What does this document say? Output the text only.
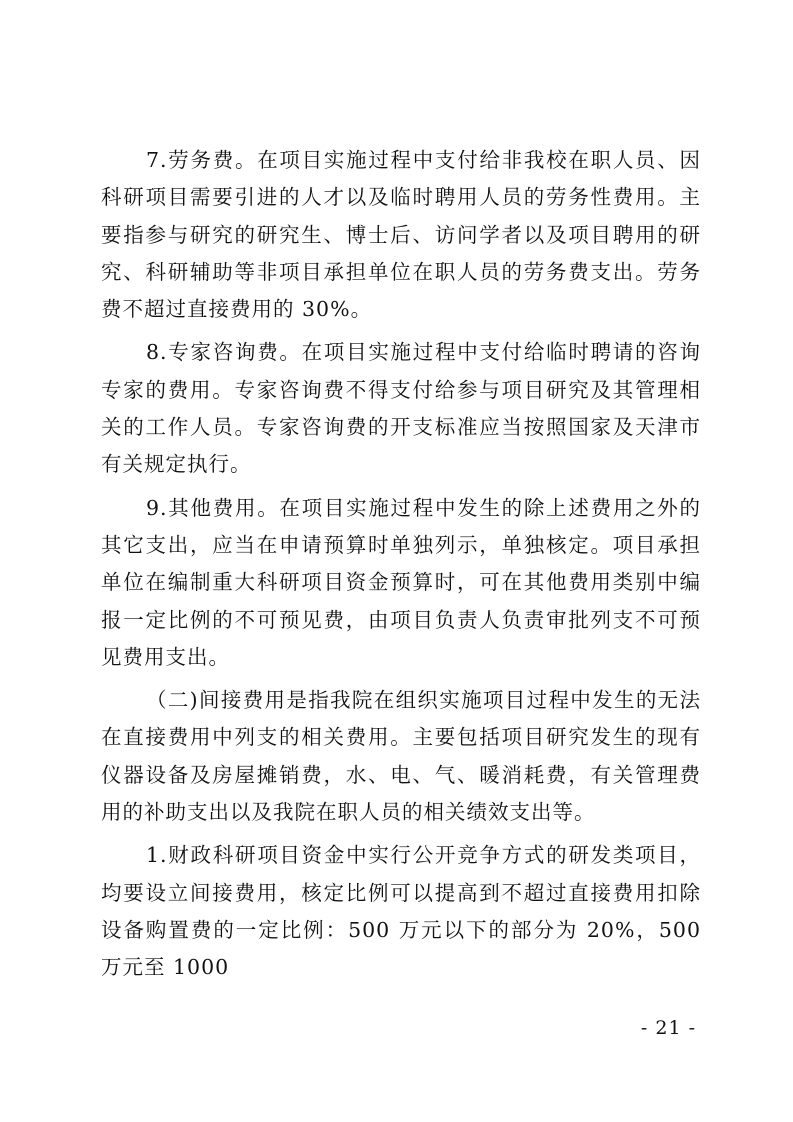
7.劳务费。在项目实施过程中支付给非我校在职人员、因科研项目需要引进的人才以及临时聘用人员的劳务性费用。主要指参与研究的研究生、博士后、访问学者以及项目聘用的研究、科研辅助等非项目承担单位在职人员的劳务费支出。劳务费不超过直接费用的 30%。

8.专家咨询费。在项目实施过程中支付给临时聘请的咨询专家的费用。专家咨询费不得支付给参与项目研究及其管理相关的工作人员。专家咨询费的开支标准应当按照国家及天津市有关规定执行。

9.其他费用。在项目实施过程中发生的除上述费用之外的其它支出，应当在申请预算时单独列示，单独核定。项目承担单位在编制重大科研项目资金预算时，可在其他费用类别中编报一定比例的不可预见费，由项目负责人负责审批列支不可预见费用支出。

（二)间接费用是指我院在组织实施项目过程中发生的无法在直接费用中列支的相关费用。主要包括项目研究发生的现有仪器设备及房屋摊销费，水、电、气、暖消耗费，有关管理费用的补助支出以及我院在职人员的相关绩效支出等。

1.财政科研项目资金中实行公开竞争方式的研发类项目，均要设立间接费用，核定比例可以提高到不超过直接费用扣除设备购置费的一定比例：500 万元以下的部分为 20%，500 万元至 1000

- 21 -
